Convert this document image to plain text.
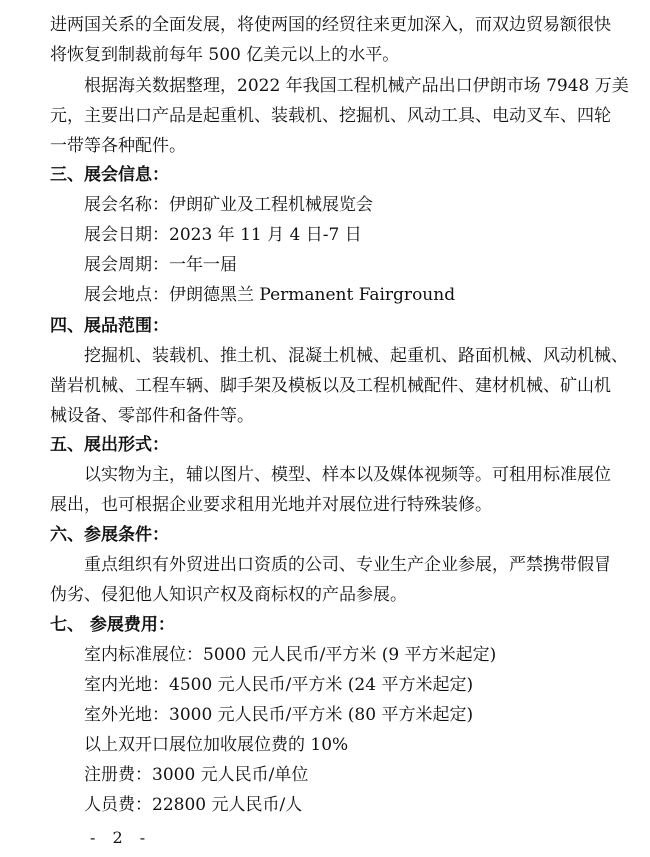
进两国关系的全面发展，将使两国的经贸往来更加深入，而双边贸易额很快
将恢复到制裁前每年 500 亿美元以上的水平。
根据海关数据整理，2022 年我国工程机械产品出口伊朗市场 7948 万美
元，主要出口产品是起重机、装载机、挖掘机、风动工具、电动叉车、四轮
一带等各种配件。
三、展会信息：
展会名称：伊朗矿业及工程机械展览会
展会日期：2023 年 11 月 4 日-7 日
展会周期：一年一届
展会地点：伊朗德黑兰 Permanent Fairground
四、展品范围：
挖掘机、装载机、推土机、混凝土机械、起重机、路面机械、风动机械、
凿岩机械、工程车辆、脚手架及模板以及工程机械配件、建材机械、矿山机
械设备、零部件和备件等。
五、展出形式：
以实物为主，辅以图片、模型、样本以及媒体视频等。可租用标准展位
展出，也可根据企业要求租用光地并对展位进行特殊装修。
六、参展条件：
重点组织有外贸进出口资质的公司、专业生产企业参展，严禁携带假冒
伪劣、侵犯他人知识产权及商标权的产品参展。
七、 参展费用：
室内标准展位：5000 元人民币/平方米 (9 平方米起定)
室内光地：4500 元人民币/平方米 (24 平方米起定)
室外光地：3000 元人民币/平方米 (80 平方米起定)
以上双开口展位加收展位费的 10%
注册费：3000 元人民币/单位
人员费：22800 元人民币/人
- 2 -
